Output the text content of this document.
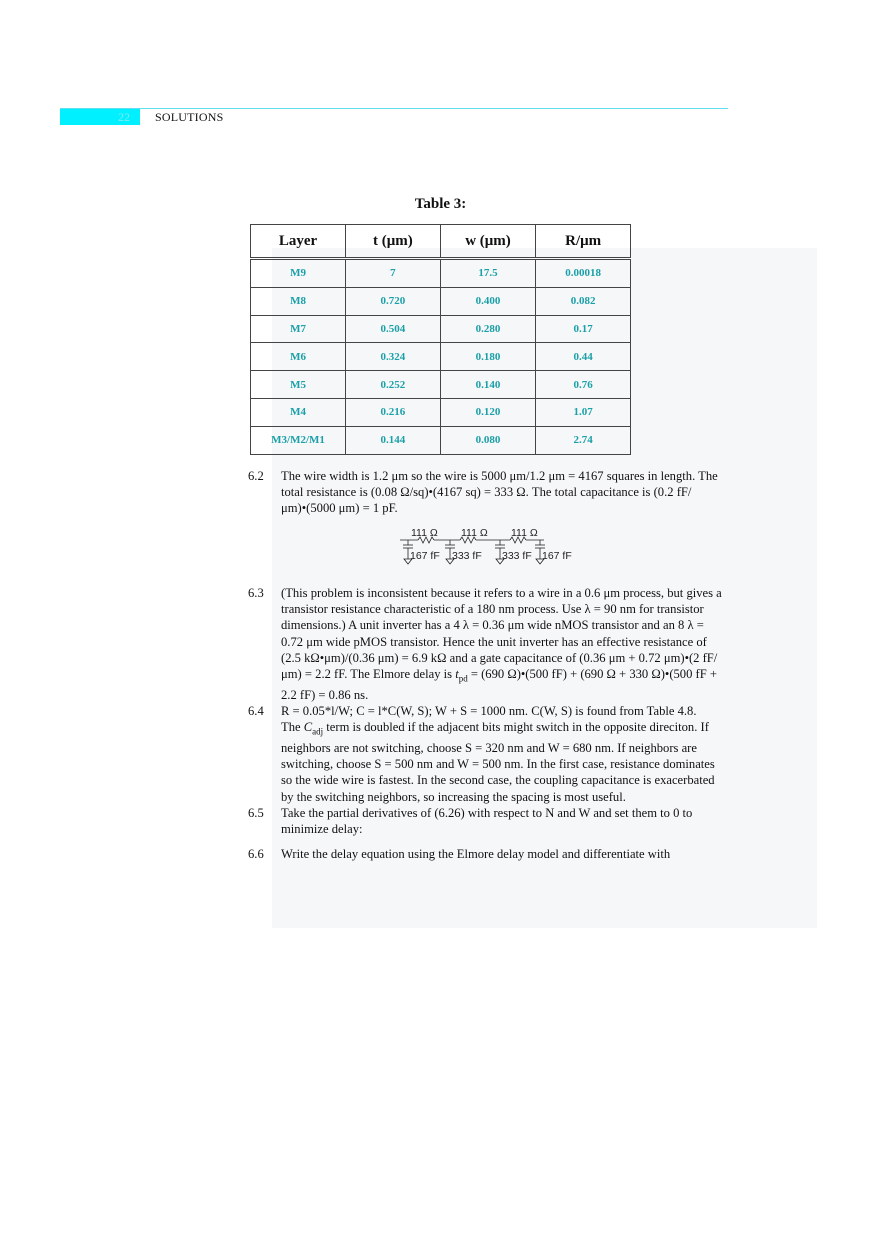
22 SOLUTIONS
Table 3:
Layer	t (μm)	w (μm)	R/μm
M9	7	17.5	0.00018
M8	0.720	0.400	0.082
M7	0.504	0.280	0.17
M6	0.324	0.180	0.44
M5	0.252	0.140	0.76
M4	0.216	0.120	1.07
M3/M2/M1	0.144	0.080	2.74
6.2 The wire width is 1.2 μm so the wire is 5000 μm/1.2 μm = 4167 squares in length. The total resistance is (0.08 Ω/sq)•(4167 sq) = 333 Ω. The total capacitance is (0.2 fF/μm)•(5000 μm) = 1 pF.
111 Ω 111 Ω 111 Ω
167 fF 333 fF 333 fF 167 fF
6.3 (This problem is inconsistent because it refers to a wire in a 0.6 μm process, but gives a transistor resistance characteristic of a 180 nm process. Use λ = 90 nm for transistor dimensions.) A unit inverter has a 4 λ = 0.36 μm wide nMOS transistor and an 8 λ = 0.72 μm wide pMOS transistor. Hence the unit inverter has an effective resistance of (2.5 kΩ•μm)/(0.36 μm) = 6.9 kΩ and a gate capacitance of (0.36 μm + 0.72 μm)•(2 fF/μm) = 2.2 fF. The Elmore delay is $t_{pd} = (690$ Ω)•(500 fF) + (690 Ω + 330 Ω)•(500 fF + 2.2 fF) = 0.86 ns.
6.4 R = 0.05*l/W; C = l*C(W, S); W + S = 1000 nm. C(W, S) is found from Table 4.8.
The $C_{adj}$ term is doubled if the adjacent bits might switch in the opposite direciton. If neighbors are not switching, choose S = 320 nm and W = 680 nm. If neighbors are switching, choose S = 500 nm and W = 500 nm. In the first case, resistance dominates so the wide wire is fastest. In the second case, the coupling capacitance is exacerbated by the switching neighbors, so increasing the spacing is most useful.
6.5 Take the partial derivatives of (6.26) with respect to N and W and set them to 0 to minimize delay:
6.6 Write the delay equation using the Elmore delay model and differentiate with
